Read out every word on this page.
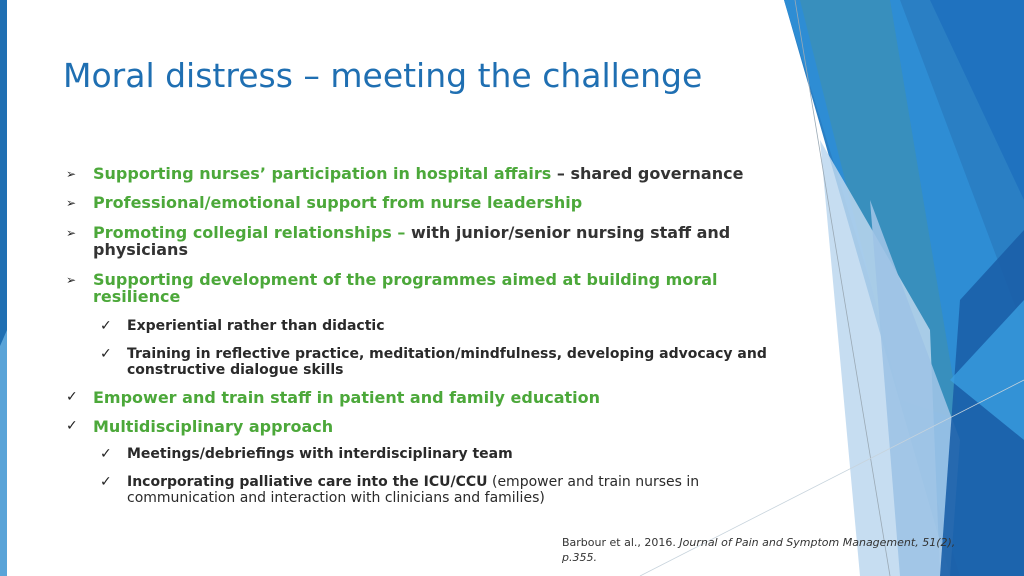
Moral distress – meeting the challenge
➢ Supporting nurses’ participation in hospital affairs – shared governance
➢ Professional/emotional support from nurse leadership
➢ Promoting collegial relationships – with junior/senior nursing staff and physicians
➢ Supporting development of the programmes aimed at building moral resilience
✓ Experiential rather than didactic
✓ Training in reflective practice, meditation/mindfulness, developing advocacy and constructive dialogue skills
✓ Empower and train staff in patient and family education
✓ Multidisciplinary approach
✓ Meetings/debriefings with interdisciplinary team
✓ Incorporating palliative care into the ICU/CCU (empower and train nurses in communication and interaction with clinicians and families)
Barbour et al., 2016. Journal of Pain and Symptom Management, 51(2),
p.355.
